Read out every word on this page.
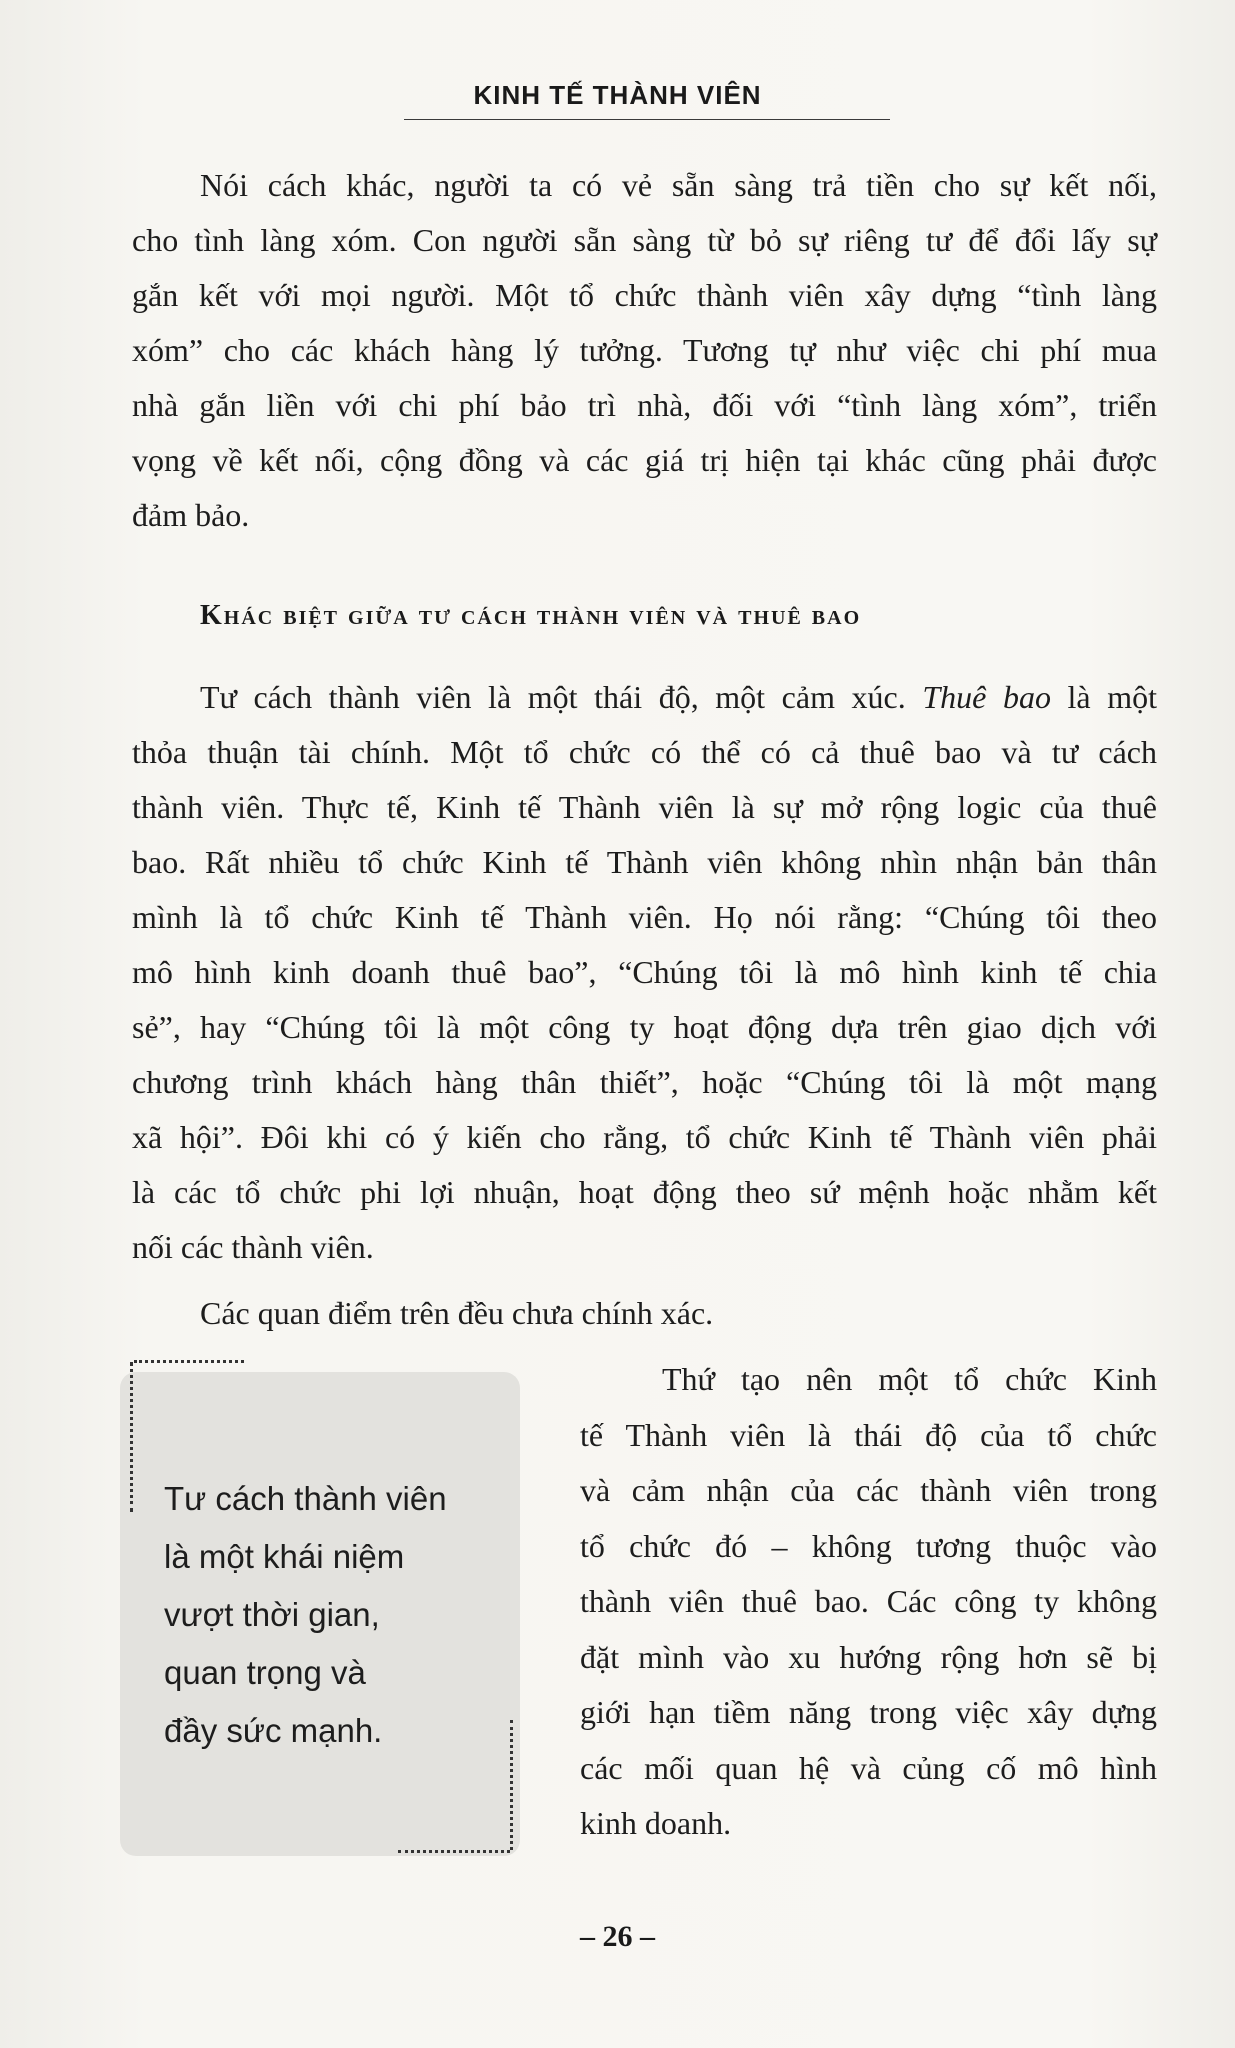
KINH TẾ THÀNH VIÊN
Nói cách khác, người ta có vẻ sẵn sàng trả tiền cho sự kết nối,
cho tình làng xóm. Con người sẵn sàng từ bỏ sự riêng tư để đổi lấy sự
gắn kết với mọi người. Một tổ chức thành viên xây dựng “tình làng
xóm” cho các khách hàng lý tưởng. Tương tự như việc chi phí mua
nhà gắn liền với chi phí bảo trì nhà, đối với “tình làng xóm”, triển
vọng về kết nối, cộng đồng và các giá trị hiện tại khác cũng phải được
đảm bảo.
Khác biệt giữa tư cách thành viên và thuê bao
Tư cách thành viên là một thái độ, một cảm xúc. Thuê bao là một
thỏa thuận tài chính. Một tổ chức có thể có cả thuê bao và tư cách
thành viên. Thực tế, Kinh tế Thành viên là sự mở rộng logic của thuê
bao. Rất nhiều tổ chức Kinh tế Thành viên không nhìn nhận bản thân
mình là tổ chức Kinh tế Thành viên. Họ nói rằng: “Chúng tôi theo
mô hình kinh doanh thuê bao”, “Chúng tôi là mô hình kinh tế chia
sẻ”, hay “Chúng tôi là một công ty hoạt động dựa trên giao dịch với
chương trình khách hàng thân thiết”, hoặc “Chúng tôi là một mạng
xã hội”. Đôi khi có ý kiến cho rằng, tổ chức Kinh tế Thành viên phải
là các tổ chức phi lợi nhuận, hoạt động theo sứ mệnh hoặc nhằm kết
nối các thành viên.
Các quan điểm trên đều chưa chính xác.
Tư cách thành viên
là một khái niệm
vượt thời gian,
quan trọng và
đầy sức mạnh.
Thứ tạo nên một tổ chức Kinh
tế Thành viên là thái độ của tổ chức
và cảm nhận của các thành viên trong
tổ chức đó – không tương thuộc vào
thành viên thuê bao. Các công ty không
đặt mình vào xu hướng rộng hơn sẽ bị
giới hạn tiềm năng trong việc xây dựng
các mối quan hệ và củng cố mô hình
kinh doanh.
– 26 –
